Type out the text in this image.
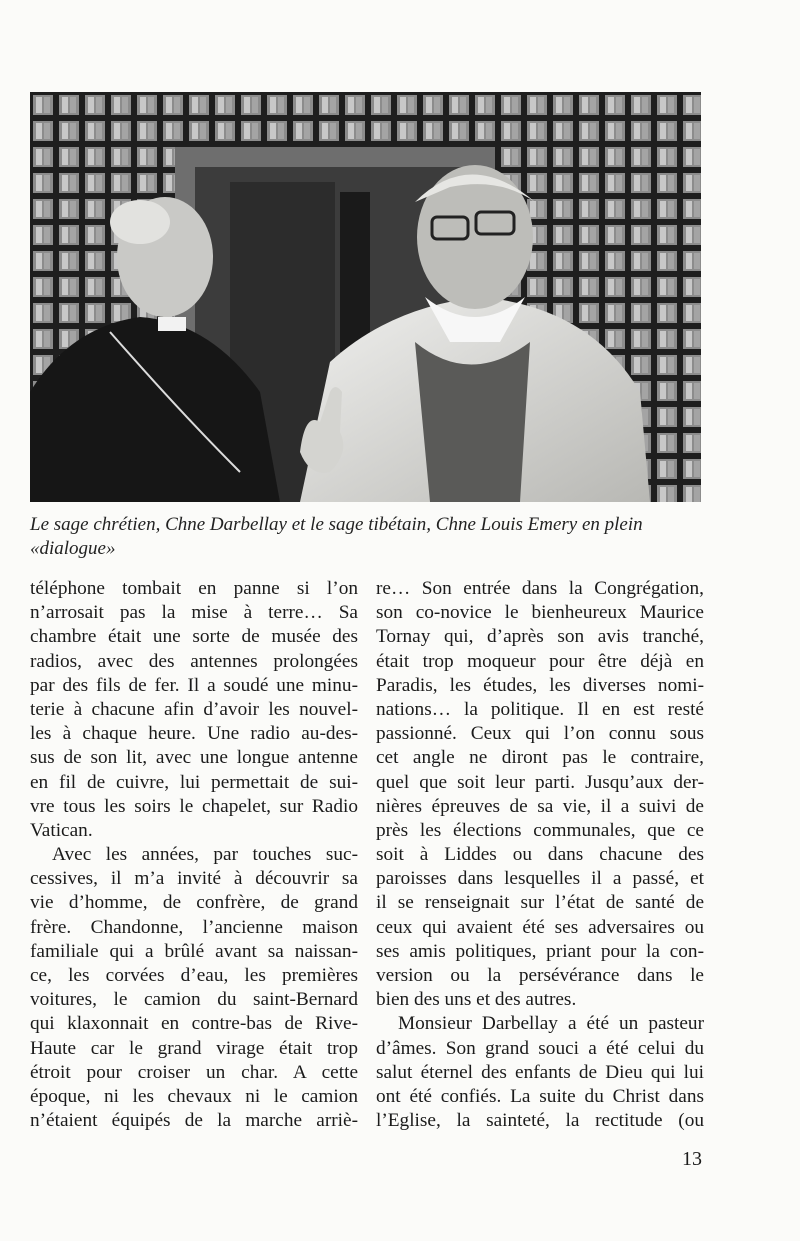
Le sage chrétien, Chne Darbellay et le sage tibétain, Chne Louis Emery en plein

«dialogue»

téléphone tombait en panne si l’on
n’arrosait pas la mise à terre… Sa
chambre était une sorte de musée des
radios, avec des antennes prolongées
par des fils de fer. Il a soudé une minu-
terie à chacune afin d’avoir les nouvel-
les à chaque heure. Une radio au-des-
sus de son lit, avec une longue antenne
en fil de cuivre, lui permettait de sui-
vre tous les soirs le chapelet, sur Radio
Vatican.
Avec les années, par touches suc-
cessives, il m’a invité à découvrir sa
vie d’homme, de confrère, de grand
frère. Chandonne, l’ancienne maison
familiale qui a brûlé avant sa naissan-
ce, les corvées d’eau, les premières
voitures, le camion du saint-Bernard
qui klaxonnait en contre-bas de Rive-
Haute car le grand virage était trop
étroit pour croiser un char. A cette
époque, ni les chevaux ni le camion
n’étaient équipés de la marche arriè-
re… Son entrée dans la Congrégation,
son co-novice le bienheureux Maurice
Tornay qui, d’après son avis tranché,
était trop moqueur pour être déjà en
Paradis, les études, les diverses nomi-
nations… la politique. Il en est resté
passionné. Ceux qui l’on connu sous
cet angle ne diront pas le contraire,
quel que soit leur parti. Jusqu’aux der-
nières épreuves de sa vie, il a suivi de
près les élections communales, que ce
soit à Liddes ou dans chacune des
paroisses dans lesquelles il a passé, et
il se renseignait sur l’état de santé de
ceux qui avaient été ses adversaires ou
ses amis politiques, priant pour la con-
version ou la persévérance dans le
bien des uns et des autres.
Monsieur Darbellay a été un pasteur
d’âmes. Son grand souci a été celui du
salut éternel des enfants de Dieu qui lui
ont été confiés. La suite du Christ dans
l’Eglise, la sainteté, la rectitude (ou
13
